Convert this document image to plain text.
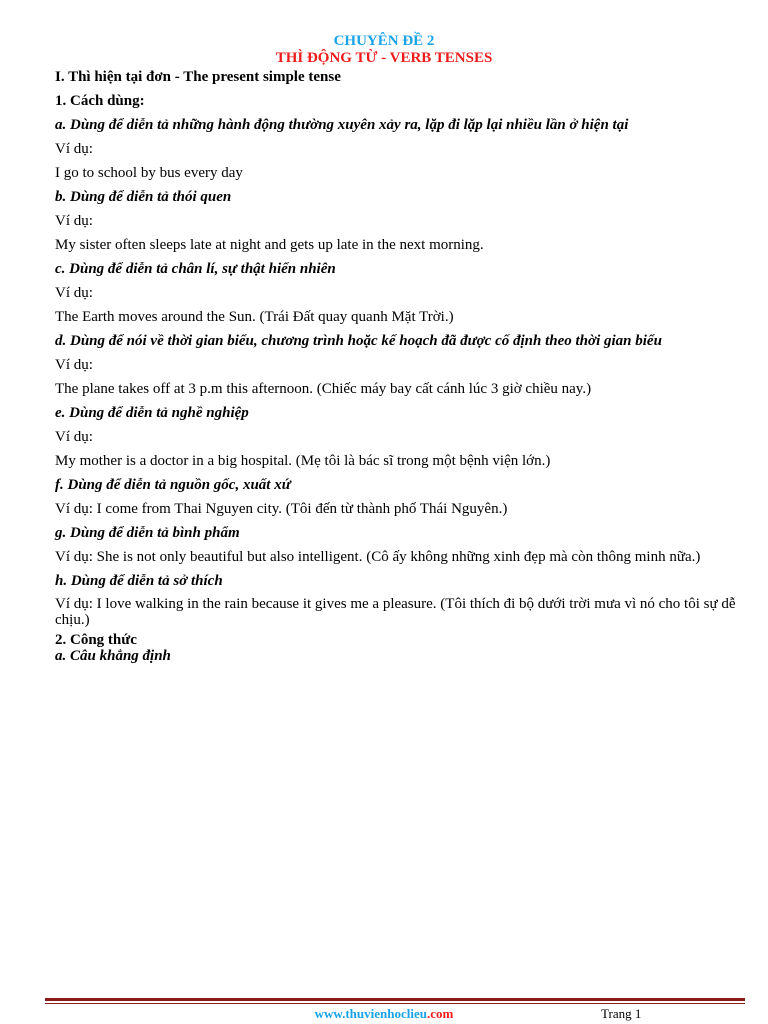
CHUYÊN ĐỀ 2
THÌ ĐỘNG TỪ - VERB TENSES
I. Thì hiện tại đơn - The present simple tense
1. Cách dùng:
a. Dùng để diễn tả những hành động thường xuyên xảy ra, lặp đi lặp lại nhiều lần ở hiện tại
Ví dụ:
I go to school by bus every day
b. Dùng để diễn tả thói quen
Ví dụ:
My sister often sleeps late at night and gets up late in the next morning.
c. Dùng để diễn tả chân lí, sự thật hiển nhiên
Ví dụ:
The Earth moves around the Sun. (Trái Đất quay quanh Mặt Trời.)
d. Dùng để nói về thời gian biểu, chương trình hoặc kế hoạch đã được cố định theo thời gian biểu
Ví dụ:
The plane takes off at 3 p.m this afternoon. (Chiếc máy bay cất cánh lúc 3 giờ chiều nay.)
e. Dùng để diễn tả nghề nghiệp
Ví dụ:
My mother is a doctor in a big hospital. (Mẹ tôi là bác sĩ trong một bệnh viện lớn.)
f. Dùng để diễn tả nguồn gốc, xuất xứ
Ví dụ: I come from Thai Nguyen city. (Tôi đến từ thành phố Thái Nguyên.)
g. Dùng để diễn tả bình phẩm
Ví dụ: She is not only beautiful but also intelligent. (Cô ấy không những xinh đẹp mà còn thông minh nữa.)
h. Dùng để diễn tả sở thích
Ví dụ: I love walking in the rain because it gives me a pleasure. (Tôi thích đi bộ dưới trời mưa vì nó cho tôi sự dễ chịu.)
2. Công thức
a. Câu khẳng định
www.thuvienhoclieu.com	Trang 1
